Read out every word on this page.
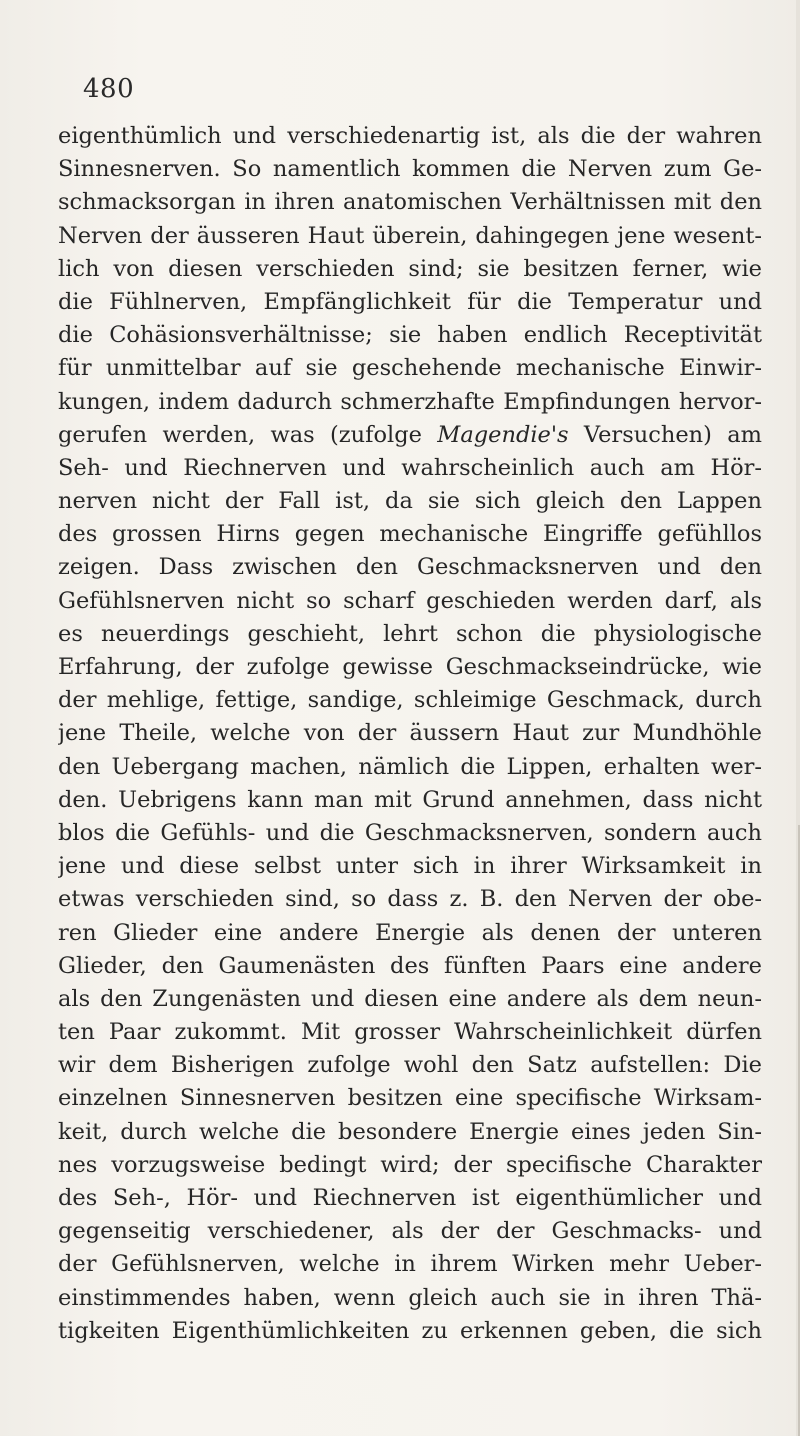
480
eigenthümlich und verschiedenartig ist, als die der wahren
Sinnesnerven. So namentlich kommen die Nerven zum Ge-
schmacksorgan in ihren anatomischen Verhältnissen mit den
Nerven der äusseren Haut überein, dahingegen jene wesent-
lich von diesen verschieden sind; sie besitzen ferner, wie
die Fühlnerven, Empfänglichkeit für die Temperatur und
die Cohäsionsverhältnisse; sie haben endlich Receptivität
für unmittelbar auf sie geschehende mechanische Einwir-
kungen, indem dadurch schmerzhafte Empfindungen hervor-
gerufen werden, was (zufolge Magendie's Versuchen) am
Seh- und Riechnerven und wahrscheinlich auch am Hör-
nerven nicht der Fall ist, da sie sich gleich den Lappen
des grossen Hirns gegen mechanische Eingriffe gefühllos
zeigen. Dass zwischen den Geschmacksnerven und den
Gefühlsnerven nicht so scharf geschieden werden darf, als
es neuerdings geschieht, lehrt schon die physiologische
Erfahrung, der zufolge gewisse Geschmackseindrücke, wie
der mehlige, fettige, sandige, schleimige Geschmack, durch
jene Theile, welche von der äussern Haut zur Mundhöhle
den Uebergang machen, nämlich die Lippen, erhalten wer-
den. Uebrigens kann man mit Grund annehmen, dass nicht
blos die Gefühls- und die Geschmacksnerven, sondern auch
jene und diese selbst unter sich in ihrer Wirksamkeit in
etwas verschieden sind, so dass z. B. den Nerven der obe-
ren Glieder eine andere Energie als denen der unteren
Glieder, den Gaumenästen des fünften Paars eine andere
als den Zungenästen und diesen eine andere als dem neun-
ten Paar zukommt. Mit grosser Wahrscheinlichkeit dürfen
wir dem Bisherigen zufolge wohl den Satz aufstellen: Die
einzelnen Sinnesnerven besitzen eine specifische Wirksam-
keit, durch welche die besondere Energie eines jeden Sin-
nes vorzugsweise bedingt wird; der specifische Charakter
des Seh-, Hör- und Riechnerven ist eigenthümlicher und
gegenseitig verschiedener, als der der Geschmacks- und
der Gefühlsnerven, welche in ihrem Wirken mehr Ueber-
einstimmendes haben, wenn gleich auch sie in ihren Thä-
tigkeiten Eigenthümlichkeiten zu erkennen geben, die sich
